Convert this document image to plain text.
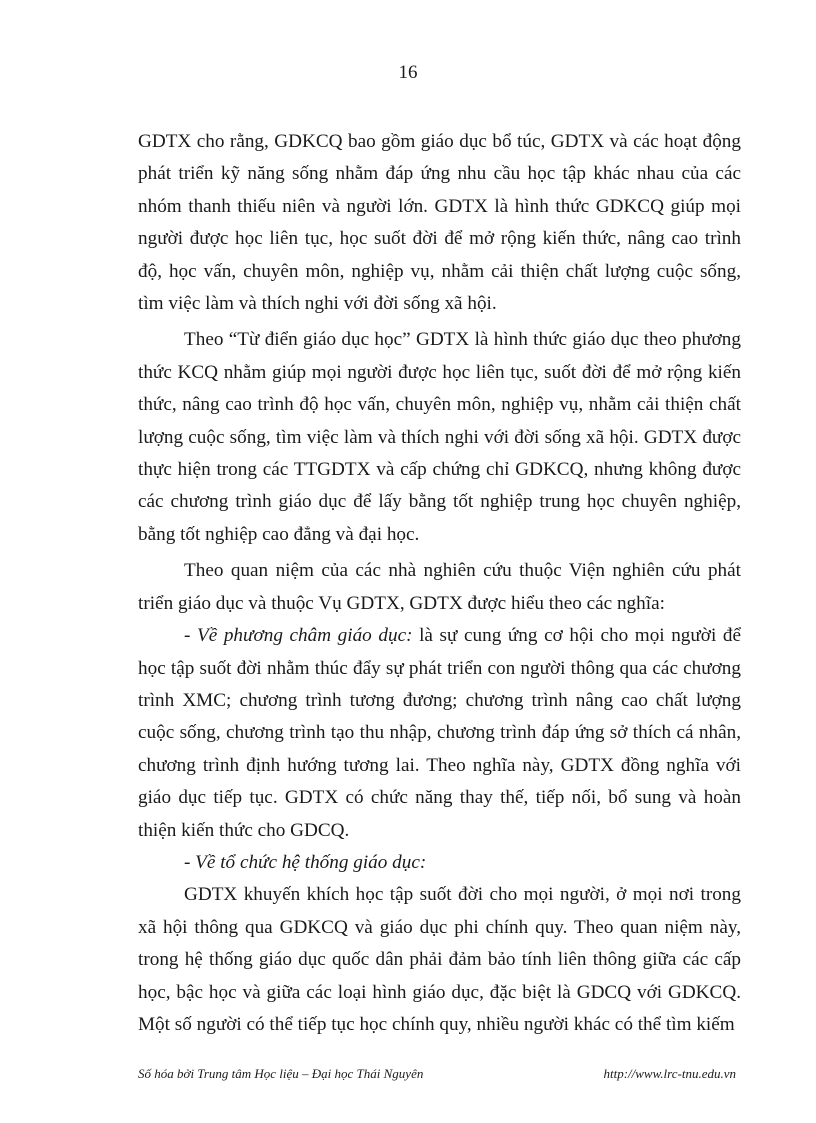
16

GDTX cho rằng, GDKCQ bao gồm giáo dục bổ túc, GDTX và các hoạt động phát triển kỹ năng sống nhằm đáp ứng nhu cầu học tập khác nhau của các nhóm thanh thiếu niên và người lớn. GDTX là hình thức GDKCQ giúp mọi người được học liên tục, học suốt đời để mở rộng kiến thức, nâng cao trình độ, học vấn, chuyên môn, nghiệp vụ, nhằm cải thiện chất lượng cuộc sống, tìm việc làm và thích nghi với đời sống xã hội.

Theo “Từ điển giáo dục học” GDTX là hình thức giáo dục theo phương thức KCQ nhằm giúp mọi người được học liên tục, suốt đời để mở rộng kiến thức, nâng cao trình độ học vấn, chuyên môn, nghiệp vụ, nhằm cải thiện chất lượng cuộc sống, tìm việc làm và thích nghi với đời sống xã hội. GDTX được thực hiện trong các TTGDTX và cấp chứng chỉ GDKCQ, nhưng không được các chương trình giáo dục để lấy bằng tốt nghiệp trung học chuyên nghiệp, bằng tốt nghiệp cao đẳng và đại học.

Theo quan niệm của các nhà nghiên cứu thuộc Viện nghiên cứu phát triển giáo dục và thuộc Vụ GDTX, GDTX được hiểu theo các nghĩa:

- Về phương châm giáo dục: là sự cung ứng cơ hội cho mọi người để học tập suốt đời nhằm thúc đẩy sự phát triển con người thông qua các chương trình XMC; chương trình tương đương; chương trình nâng cao chất lượng cuộc sống, chương trình tạo thu nhập, chương trình đáp ứng sở thích cá nhân, chương trình định hướng tương lai. Theo nghĩa này, GDTX đồng nghĩa với giáo dục tiếp tục. GDTX có chức năng thay thế, tiếp nối, bổ sung và hoàn thiện kiến thức cho GDCQ.

- Về tổ chức hệ thống giáo dục:

GDTX khuyến khích học tập suốt đời cho mọi người, ở mọi nơi trong xã hội thông qua GDKCQ và giáo dục phi chính quy. Theo quan niệm này, trong hệ thống giáo dục quốc dân phải đảm bảo tính liên thông giữa các cấp học, bậc học và giữa các loại hình giáo dục, đặc biệt là GDCQ với GDKCQ. Một số người có thể tiếp tục học chính quy, nhiều người khác có thể tìm kiếm

Số hóa bởi Trung tâm Học liệu – Đại học Thái Nguyên	http://www.lrc-tnu.edu.vn
